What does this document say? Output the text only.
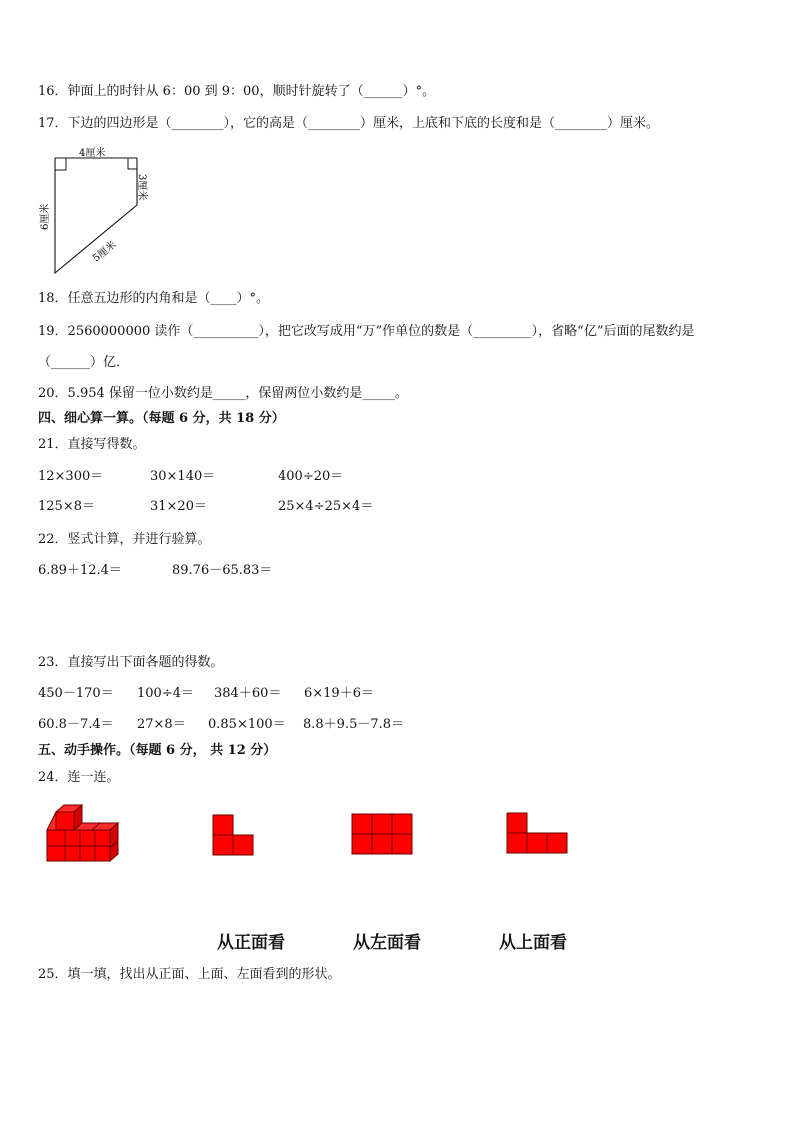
16．钟面上的时针从 6：00 到 9：00，顺时针旋转了（______）°。
17．下边的四边形是（________），它的高是（________）厘米，上底和下底的长度和是（________）厘米。
4厘米
6厘米
3厘米
5厘米
18．任意五边形的内角和是（____）°。
19．2560000000 读作（__________），把它改写成用“万”作单位的数是（_________），省略“亿”后面的尾数约是
（______）亿．
20．5.954 保留一位小数约是_____，保留两位小数约是_____。
四、细心算一算。（每题 6 分，共 18 分）
21．直接写得数。
12×300＝	30×140＝	400÷20＝
125×8＝	31×20＝	25×4÷25×4＝
22．竖式计算，并进行验算。
6.89＋12.4＝	89.76－65.83＝
23．直接写出下面各题的得数。
450－170＝ 100÷4＝ 384＋60＝ 6×19＋6＝
60.8－7.4＝ 27×8＝ 0.85×100＝ 8.8＋9.5－7.8＝
五、动手操作。（每题 6 分， 共 12 分）
24．连一连。
从正面看	从左面看	从上面看
25．填一填，找出从正面、上面、左面看到的形状。
